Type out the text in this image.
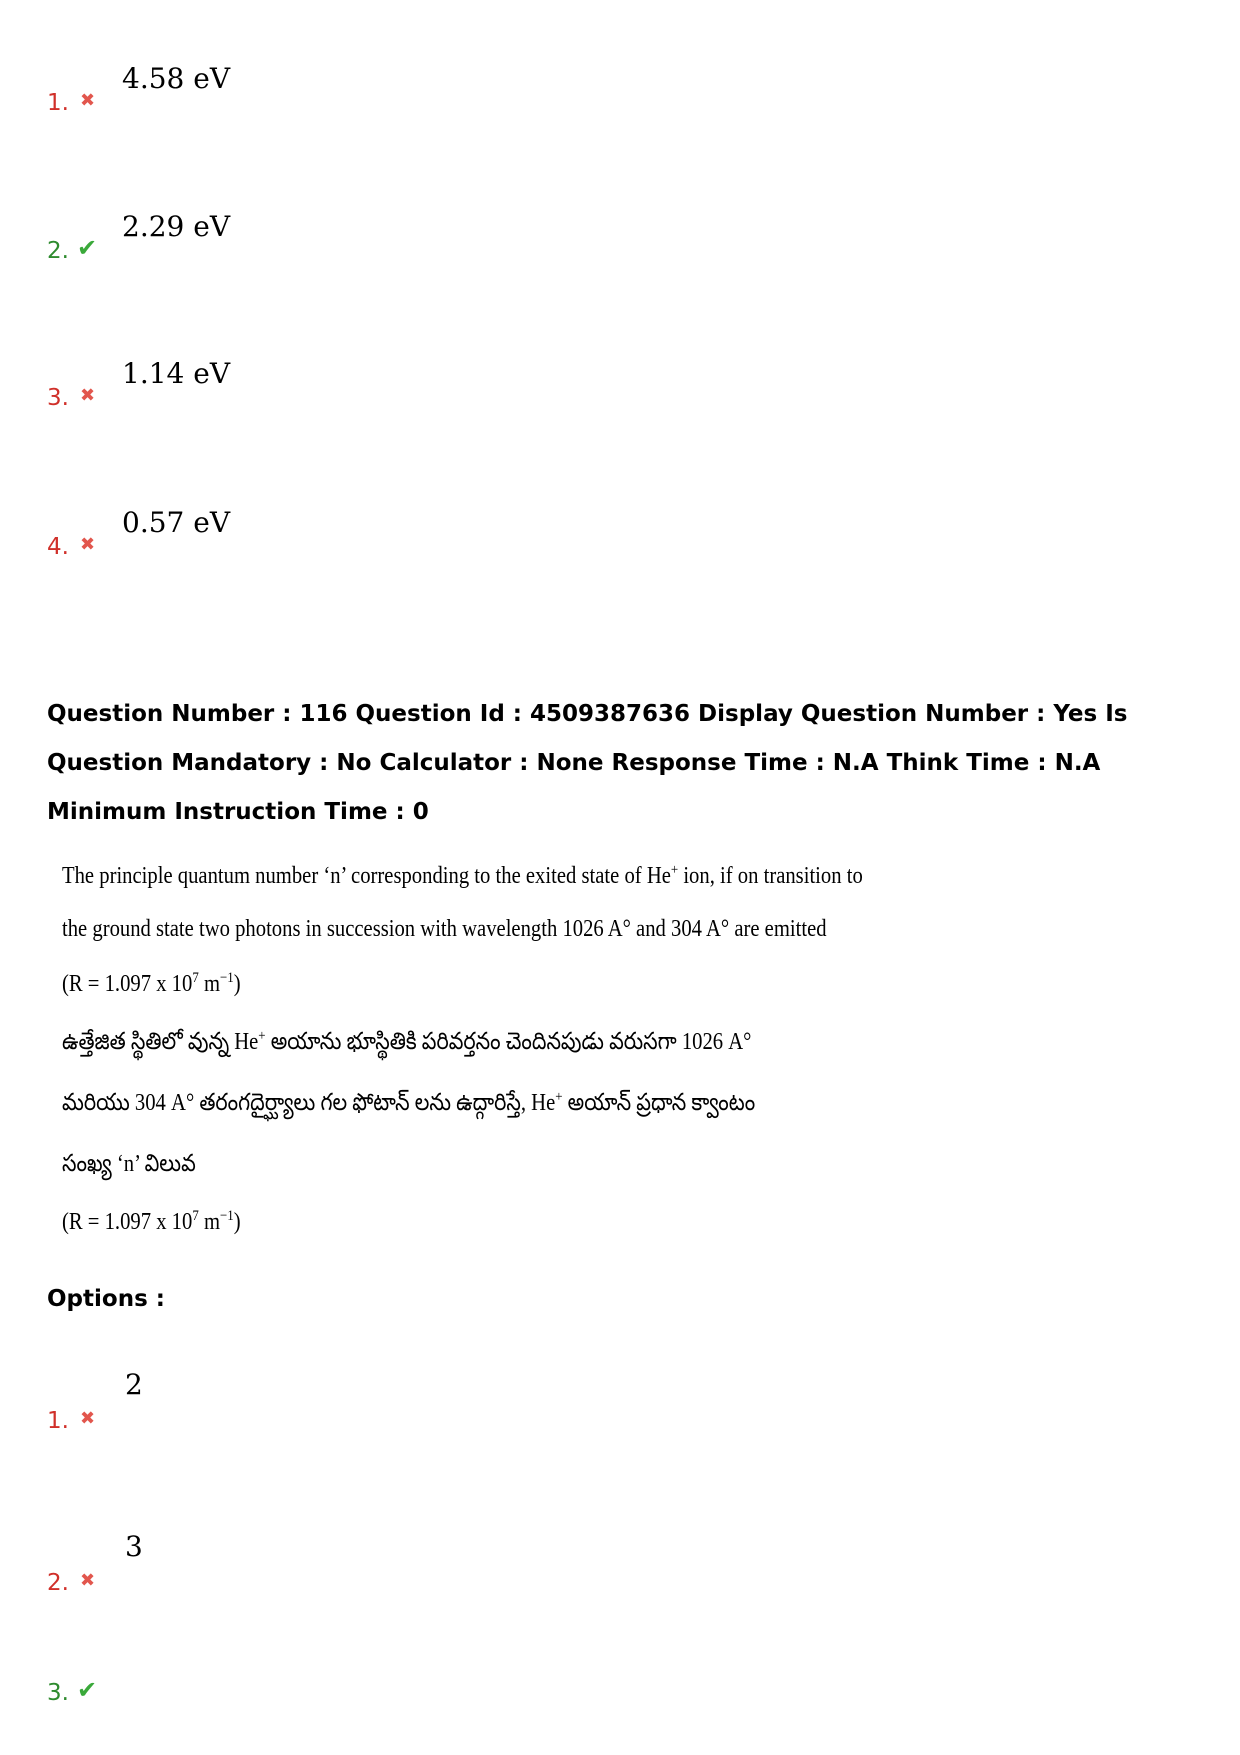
1. ✖
4.58 eV
2. ✔
2.29 eV
3. ✖
1.14 eV
4. ✖
0.57 eV
Question Number : 116 Question Id : 4509387636 Display Question Number : Yes Is Question Mandatory : No Calculator : None Response Time : N.A Think Time : N.A Minimum Instruction Time : 0
The principle quantum number ‘n’ corresponding to the exited state of He+ ion, if on transition to
the ground state two photons in succession with wavelength 1026 A° and 304 A° are emitted
(R = 1.097 x $10^7$ $m^{-1}$)
ఉత్తేజిత స్థితిలో వున్న He+ అయాను భూస్థితికి పరివర్తనం చెందినపుడు వరుసగా 1026 A°
మరియు 304 A° తరంగదైర్ఘ్యాలు గల ఫోటాన్ లను ఉద్గారిస్తే, He+ అయాన్ ప్రధాన క్వాంటం
సంఖ్య ‘n’ విలువ
(R = 1.097 x $10^7$ $m^{-1}$)
Options :
1. ✖
2
2. ✖
3
3. ✔
